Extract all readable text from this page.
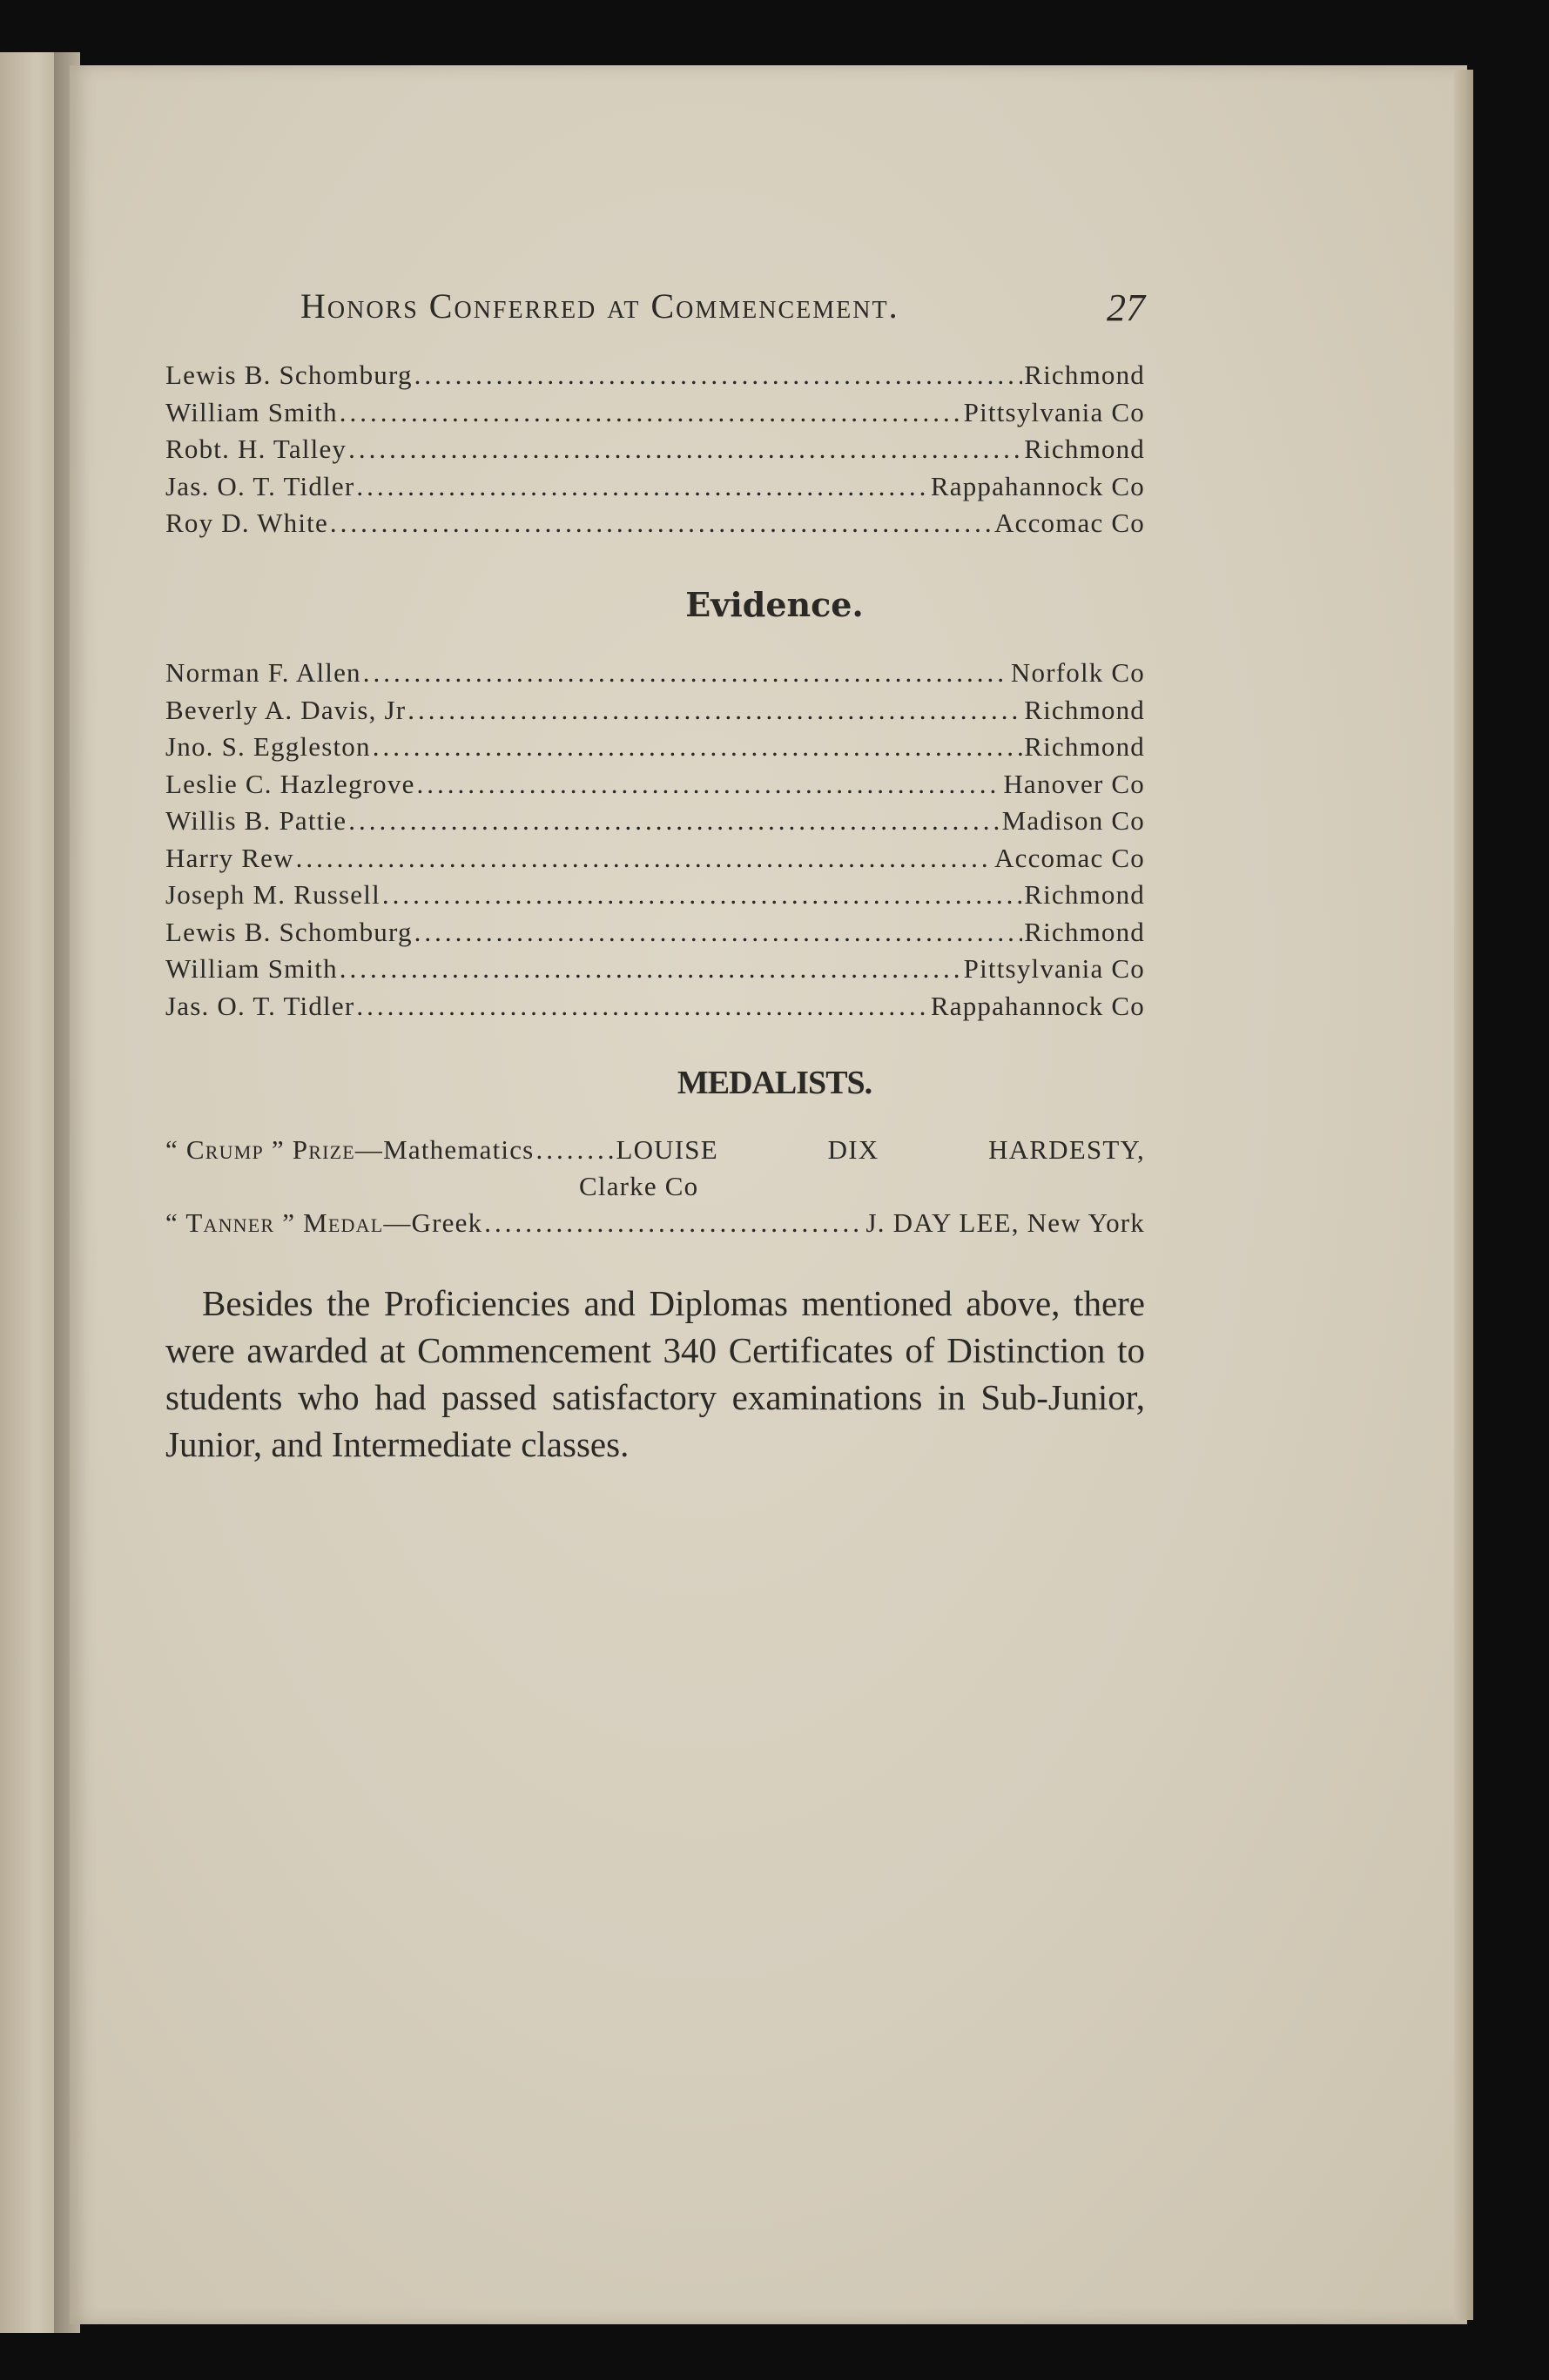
Honors Conferred at Commencement.	27
Lewis B. Schomburg .....	Richmond
William Smith .....	Pittsylvania Co
Robt. H. Talley .....	Richmond
Jas. O. T. Tidler .....	Rappahannock Co
Roy D. White .....	Accomac Co
Evidence.
Norman F. Allen .....	Norfolk Co
Beverly A. Davis, Jr .....	Richmond
Jno. S. Eggleston .....	Richmond
Leslie C. Hazlegrove .....	Hanover Co
Willis B. Pattie .....	Madison Co
Harry Rew .....	Accomac Co
Joseph M. Russell .....	Richmond
Lewis B. Schomburg .....	Richmond
William Smith .....	Pittsylvania Co
Jas. O. T. Tidler .....	Rappahannock Co
MEDALISTS.
“ Crump ” Prize —Mathematics .....	LOUISE DIX HARDESTY,
Clarke Co
“ Tanner ” Medal —Greek .....	J. DAY LEE, New York
Besides the Proficiencies and Diplomas mentioned above, there were awarded at Commencement 340 Certificates of Distinction to students who had passed satisfactory examinations in Sub-Junior, Junior, and Intermediate classes.
